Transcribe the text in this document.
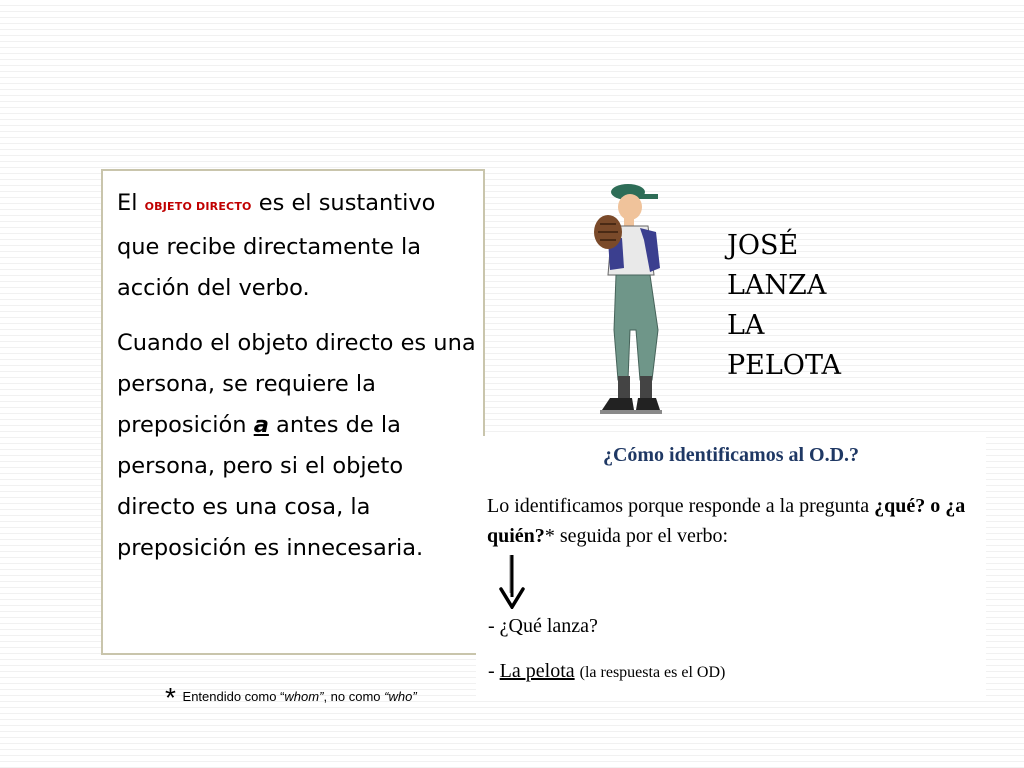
El OBJETO DIRECTO es el sustantivo que recibe directamente la acción del verbo.

Cuando el objeto directo es una persona, se requiere la preposición a antes de la persona, pero si el objeto directo es una cosa, la preposición es innecesaria.

JOSÉ
LANZA
LA
PELOTA
¿Cómo identificamos al O.D.?
Lo identificamos porque responde a la pregunta ¿qué? o ¿a quién?* seguida por el verbo:
- ¿Qué lanza?
- La pelota (la respuesta es el OD)
* Entendido como “whom”, no como “who”
